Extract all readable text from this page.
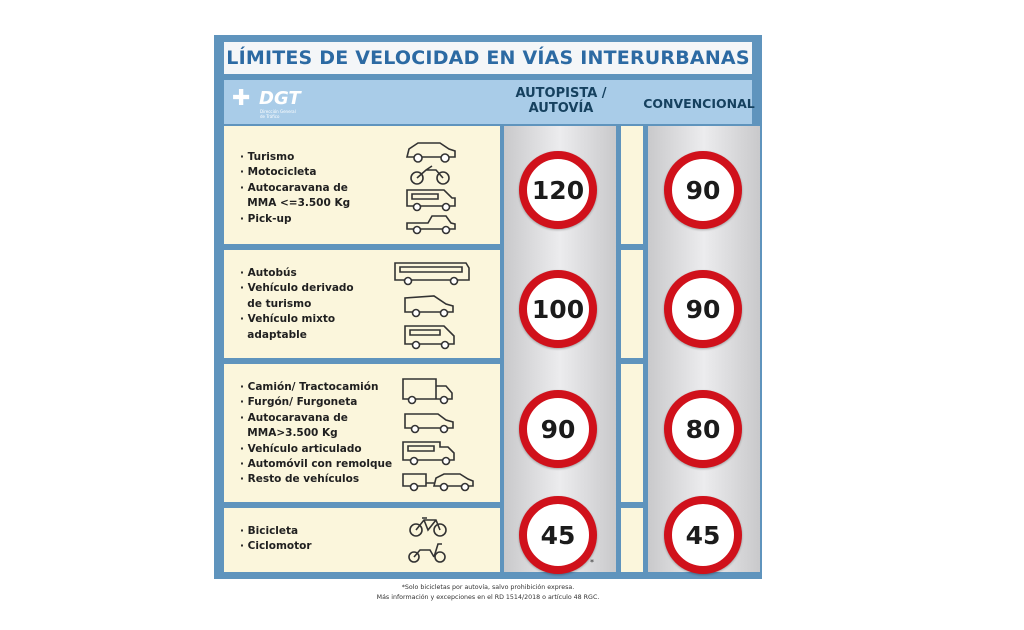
LÍMITES DE VELOCIDAD EN VÍAS INTERURBANAS
✚ DGT
Dirección General de Tráfico
AUTOPISTA /
AUTOVÍA	CONVENCIONAL
· Turismo
· Motocicleta
· Autocaravana de
MMA <=3.500 Kg
· Pick-up
· Autobús
· Vehículo derivado
de turismo
· Vehículo mixto
adaptable
· Camión/ Tractocamión
· Furgón/ Furgoneta
· Autocaravana de
MMA>3.500 Kg
· Vehículo articulado
· Automóvil con remolque
· Resto de vehículos
· Bicicleta
· Ciclomotor
120
100
90
45
90
90
80
45
*
*Solo bicicletas por autovía, salvo prohibición expresa.
Más información y excepciones en el RD 1514/2018 o artículo 48 RGC.
